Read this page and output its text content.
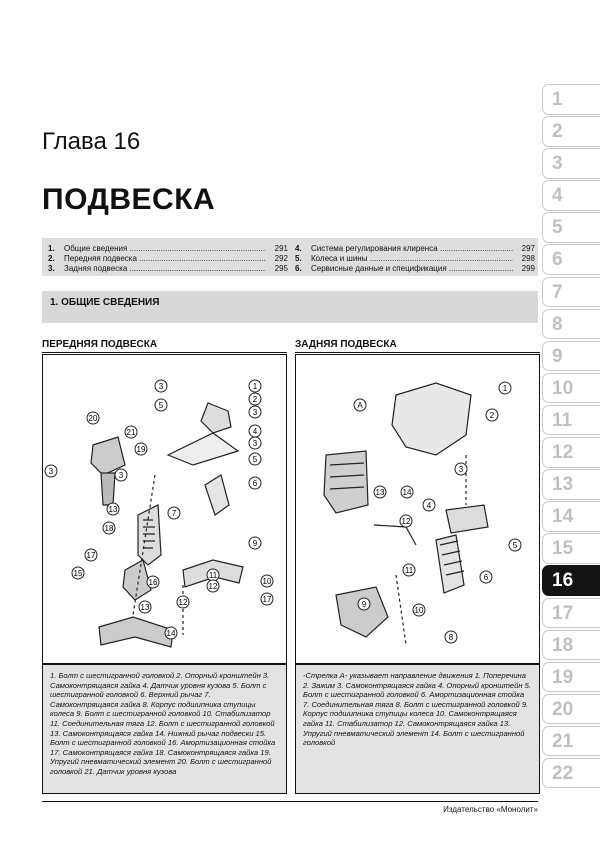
Глава 16
ПОДВЕСКА
1.	Общие сведения .....	291
2.	Передняя подвеска .....	292
3.	Задняя подвеска .....	295
4.	Система регулирования клиренса .....	297
5.	Колеса и шины .....	298
6.	Сервисные данные и спецификация .....	299
1. ОБЩИЕ СВЕДЕНИЯ
ПЕРЕДНЯЯ ПОДВЕСКА	ЗАДНЯЯ ПОДВЕСКА
3
5
1
2
3
4
3
5
6
20
21
19
3	3
13
18
7
9
17
16
11
15
12
10
17
12
13
14
A
1
2
3
13 14
12
4
5
6
11
9
10
8
1. Болт с шестигранной головкой 2. Опорный кронштейн 3. Самоконтрящаяся гайка 4. Датчик уровня кузова 5. Болт с шестигранной головкой 6. Верхний рычаг 7. Самоконтрящаяся гайка 8. Корпус подшипника ступицы колеса 9. Болт с шестигранной головкой 10. Стабилизатор 11. Соединительная тяга 12. Болт с шестигранной головкой 13. Самоконтрящаяся гайка 14. Нижний рычаг подвески 15. Болт с шестигранной головкой 16. Амортизационная стойка 17. Самоконтрящаяся гайка 18. Самоконтрящаяся гайка 19. Упругий пневматический элемент 20. Болт с шестигранной головкой 21. Датчик уровня кузова
-Стрелка А- указывает направление движения 1. Поперечина 2. Зажим 3. Самоконтрящаяся гайка 4. Опорный кронштейн 5. Болт с шестигранной головкой 6. Амортизационная стойка 7. Соединительная тяга 8. Болт с шестигранной головкой 9. Корпус подшипника ступицы колеса 10. Самоконтрящаяся гайка 11. Стабилизатор 12. Самоконтрящаяся гайка 13. Упругий пневматический элемент 14. Болт с шестигранной головкой
Издательство «Монолит»
1
2
3
4
5
6
7
8
9
10
11
12
13
14
15
16
17
18
19
20
21
22
